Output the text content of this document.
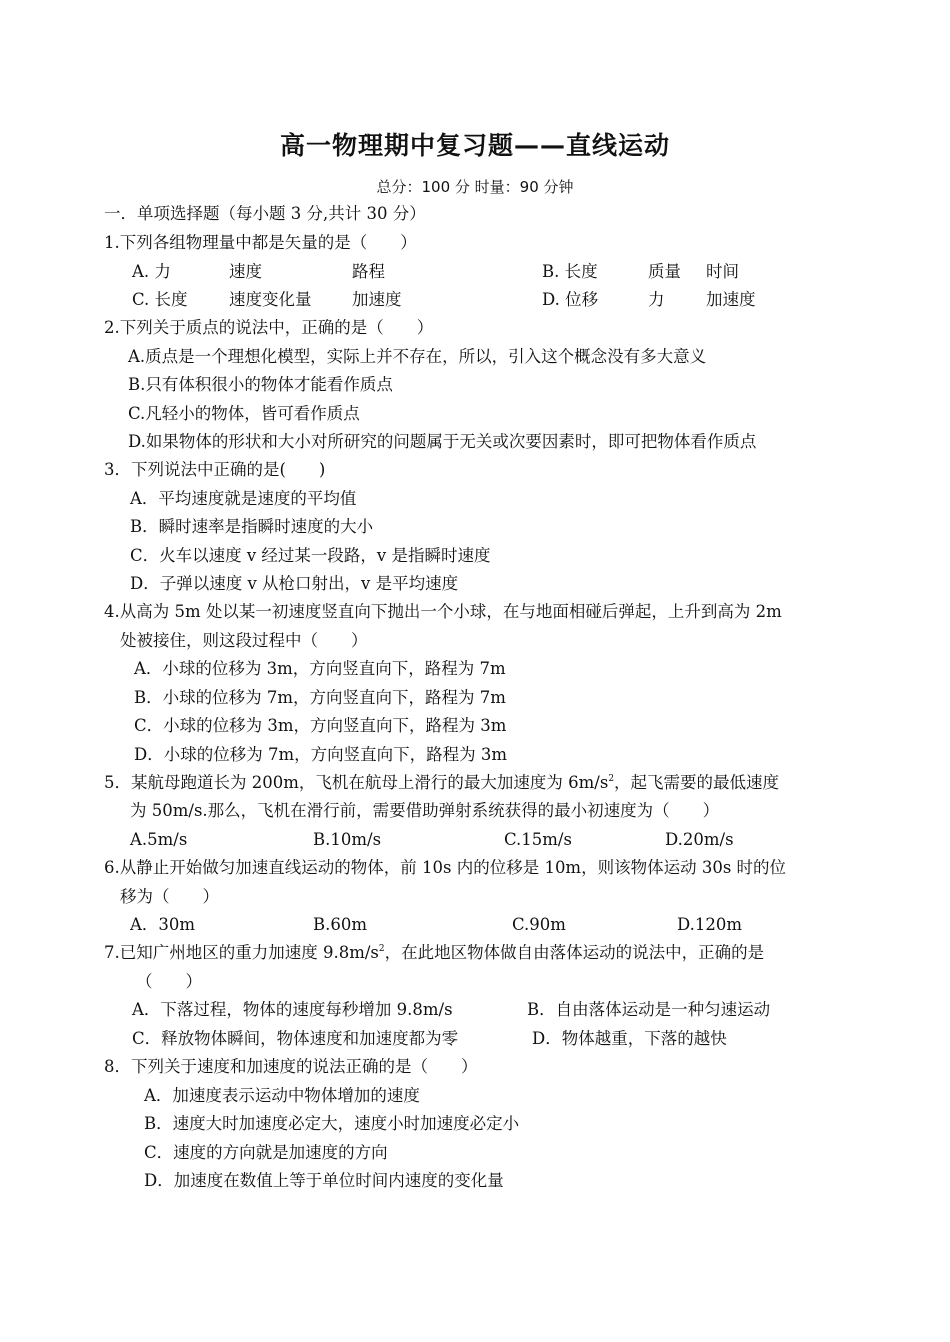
高一物理期中复习题——直线运动
总分：100 分 时量：90 分钟
一．单项选择题（每小题 3 分,共计 30 分）
1.下列各组物理量中都是矢量的是（　　）
A. 力	速度	路程	B. 长度	质量 时间
C. 长度	速度变化量 加速度	D. 位移	力	加速度
2.下列关于质点的说法中，正确的是（　　）
A.质点是一个理想化模型，实际上并不存在，所以，引入这个概念没有多大意义
B.只有体积很小的物体才能看作质点
C.凡轻小的物体，皆可看作质点
D.如果物体的形状和大小对所研究的问题属于无关或次要因素时，即可把物体看作质点
3．下列说法中正确的是(　　)
A．平均速度就是速度的平均值
B．瞬时速率是指瞬时速度的大小
C．火车以速度 v 经过某一段路，v 是指瞬时速度
D．子弹以速度 v 从枪口射出，v 是平均速度
4.从高为 5m 处以某一初速度竖直向下抛出一个小球，在与地面相碰后弹起，上升到高为 2m
处被接住，则这段过程中（　　）
A．小球的位移为 3m，方向竖直向下，路程为 7m
B．小球的位移为 7m，方向竖直向下，路程为 7m
C．小球的位移为 3m，方向竖直向下，路程为 3m
D．小球的位移为 7m，方向竖直向下，路程为 3m
5．某航母跑道长为 200m，飞机在航母上滑行的最大加速度为 $6m/s^2$，起飞需要的最低速度
为 50m/s.那么，飞机在滑行前，需要借助弹射系统获得的最小初速度为（　　）
A.5m/s	B.10m/s	C.15m/s	D.20m/s
6.从静止开始做匀加速直线运动的物体，前 10s 内的位移是 10m，则该物体运动 30s 时的位
移为（　　）
A．30m	B.60m	C.90m	D.120m
7.已知广州地区的重力加速度 $9.8m/s^2$，在此地区物体做自由落体运动的说法中，正确的是
（　　）
A．下落过程，物体的速度每秒增加 9.8m/s	B．自由落体运动是一种匀速运动
C．释放物体瞬间，物体速度和加速度都为零	D．物体越重，下落的越快
8．下列关于速度和加速度的说法正确的是（　　）
A．加速度表示运动中物体增加的速度
B．速度大时加速度必定大，速度小时加速度必定小
C．速度的方向就是加速度的方向
D．加速度在数值上等于单位时间内速度的变化量
